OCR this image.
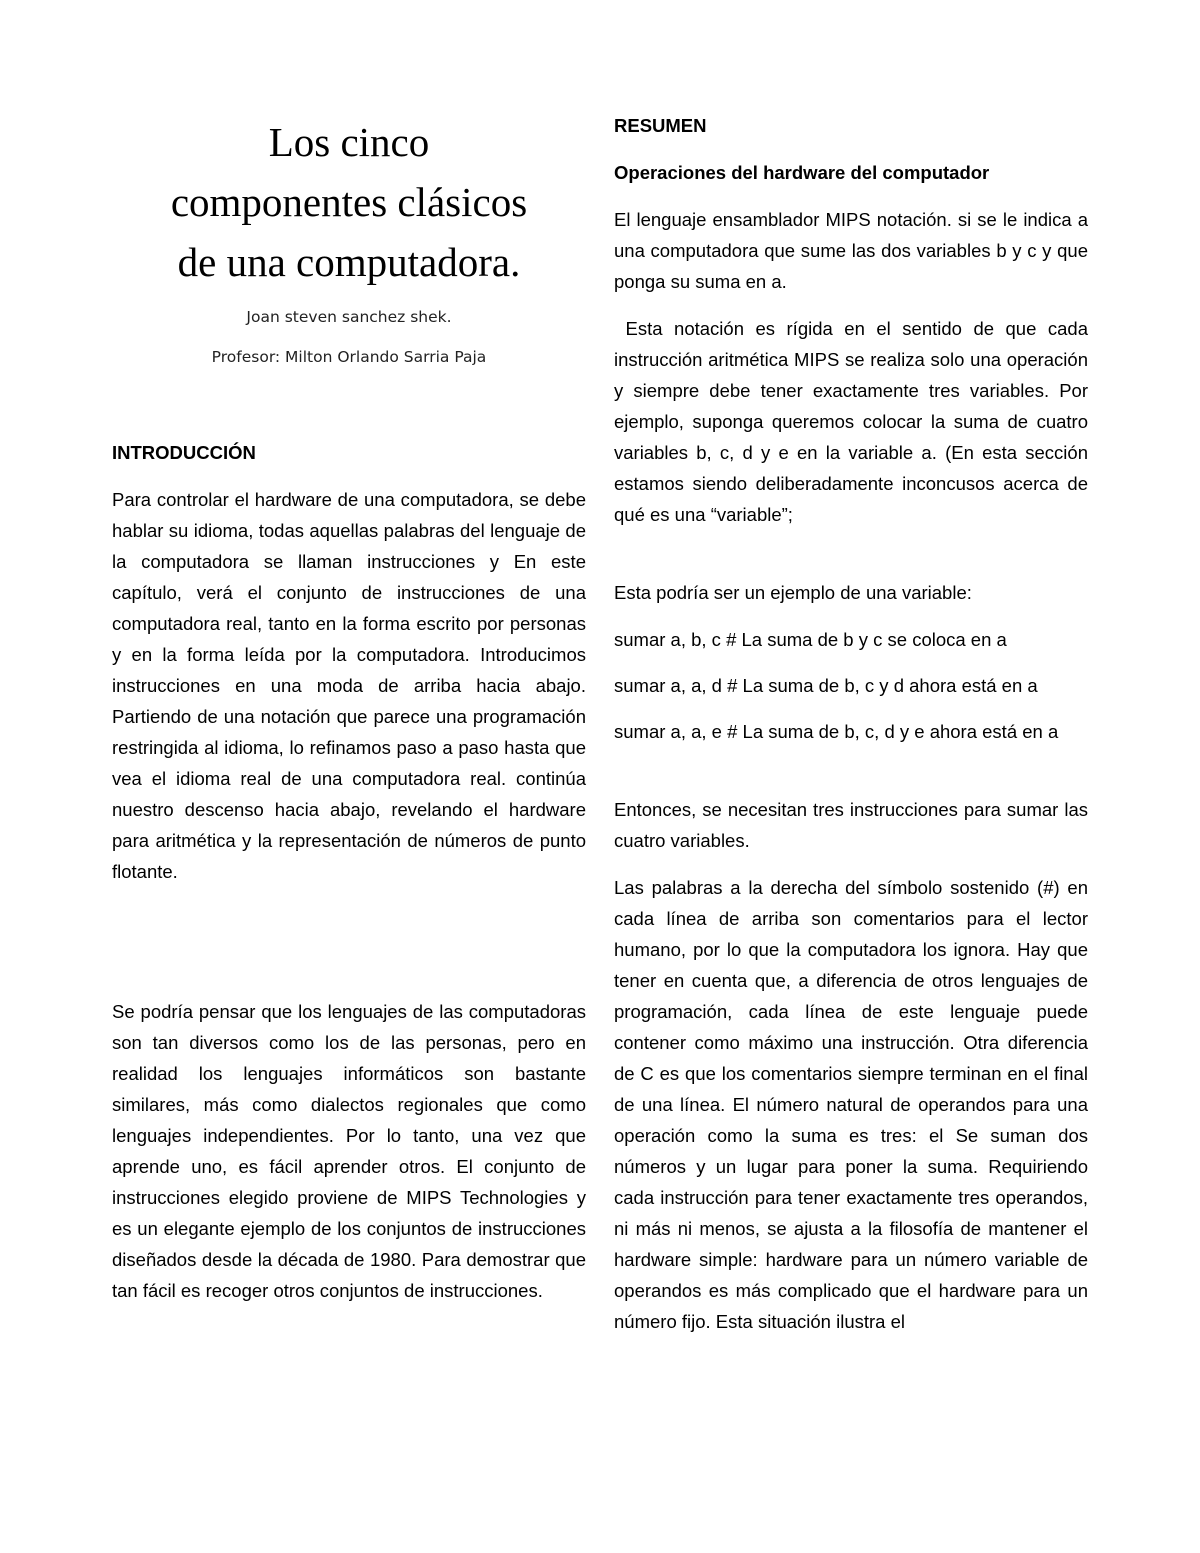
Los cinco
componentes clásicos
de una computadora.
Joan steven sanchez shek.
Profesor: Milton Orlando Sarria Paja
INTRODUCCIÓN

Para controlar el hardware de una computadora, se debe hablar su idioma, todas aquellas palabras del lenguaje de la computadora se llaman instrucciones y En este capítulo, verá el conjunto de instrucciones de una computadora real, tanto en la forma escrito por personas y en la forma leída por la computadora. Introducimos instrucciones en una moda de arriba hacia abajo. Partiendo de una notación que parece una programación restringida al idioma, lo refinamos paso a paso hasta que vea el idioma real de una computadora real. continúa nuestro descenso hacia abajo, revelando el hardware para aritmética y la representación de números de punto flotante.

Se podría pensar que los lenguajes de las computadoras son tan diversos como los de las personas, pero en realidad los lenguajes informáticos son bastante similares, más como dialectos regionales que como lenguajes independientes. Por lo tanto, una vez que aprende uno, es fácil aprender otros. El conjunto de instrucciones elegido proviene de MIPS Technologies y es un elegante ejemplo de los conjuntos de instrucciones diseñados desde la década de 1980. Para demostrar que tan fácil es recoger otros conjuntos de instrucciones.

RESUMEN
Operaciones del hardware del computador

El lenguaje ensamblador MIPS notación. si se le indica a una computadora que sume las dos variables b y c y que ponga su suma en a.

Esta notación es rígida en el sentido de que cada instrucción aritmética MIPS se realiza solo una operación y siempre debe tener exactamente tres variables. Por ejemplo, suponga queremos colocar la suma de cuatro variables b, c, d y e en la variable a. (En esta sección estamos siendo deliberadamente inconcusos acerca de qué es una “variable”;

Esta podría ser un ejemplo de una variable:

sumar a, b, c # La suma de b y c se coloca en a

sumar a, a, d # La suma de b, c y d ahora está en a

sumar a, a, e # La suma de b, c, d y e ahora está en a

Entonces, se necesitan tres instrucciones para sumar las cuatro variables.

Las palabras a la derecha del símbolo sostenido (#) en cada línea de arriba son comentarios para el lector humano, por lo que la computadora los ignora. Hay que tener en cuenta que, a diferencia de otros lenguajes de programación, cada línea de este lenguaje puede contener como máximo una instrucción. Otra diferencia de C es que los comentarios siempre terminan en el final de una línea. El número natural de operandos para una operación como la suma es tres: el Se suman dos números y un lugar para poner la suma. Requiriendo cada instrucción para tener exactamente tres operandos, ni más ni menos, se ajusta a la filosofía de mantener el hardware simple: hardware para un número variable de operandos es más complicado que el hardware para un número fijo. Esta situación ilustra el
